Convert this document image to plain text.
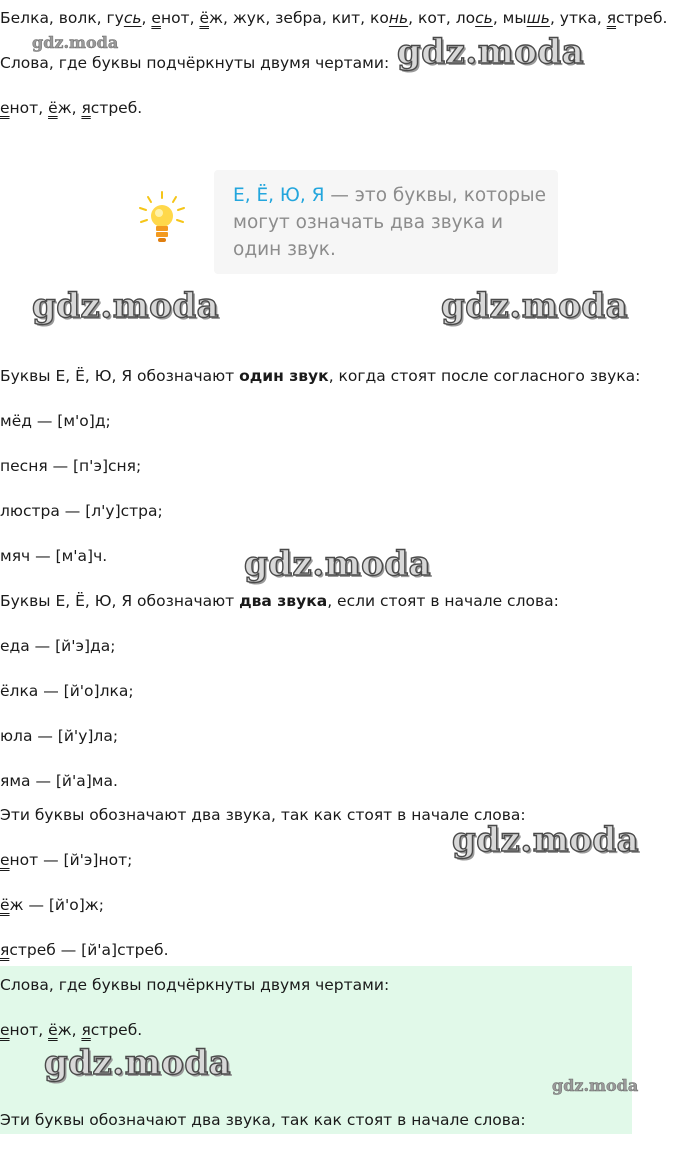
Белка, волк, гусь, енот, ёж, жук, зебра, кит, конь, кот, лось, мышь, утка, ястреб.
Слова, где буквы подчёркнуты двумя чертами:
енот, ёж, ястреб.
Е, Ё, Ю, Я — это буквы, которые могут означать два звука и один звук.
Буквы Е, Ё, Ю, Я обозначают один звук, когда стоят после согласного звука:
мёд — [м'о]д;
песня — [п'э]сня;
люстра — [л'у]стра;
мяч — [м'а]ч.
Буквы Е, Ё, Ю, Я обозначают два звука, если стоят в начале слова:
еда — [й'э]да;
ёлка — [й'о]лка;
юла — [й'у]ла;
яма — [й'а]ма.
Эти буквы обозначают два звука, так как стоят в начале слова:
енот — [й'э]нот;
ёж — [й'о]ж;
ястреб — [й'а]стреб.
Слова, где буквы подчёркнуты двумя чертами:
енот, ёж, ястреб.
Эти буквы обозначают два звука, так как стоят в начале слова:
gdz.moda	gdz.moda
gdz.moda	gdz.moda
gdz.moda
gdz.moda
gdz.moda
gdz.moda
